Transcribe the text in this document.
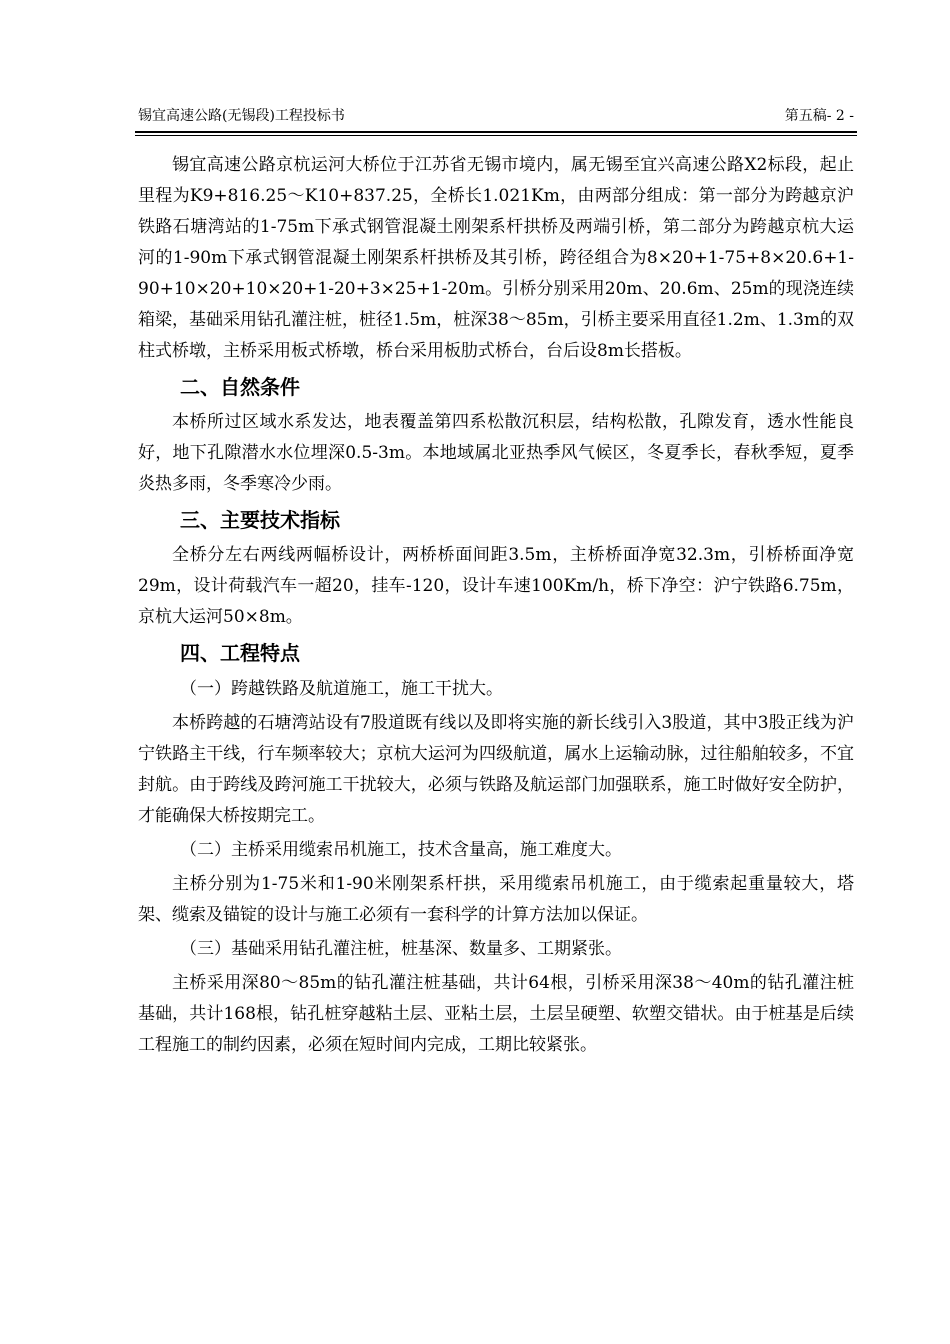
锡宜高速公路(无锡段)工程投标书	第五稿- 2 -

锡宜高速公路京杭运河大桥位于江苏省无锡市境内，属无锡至宜兴高速公路X2标段，起止里程为K9+816.25～K10+837.25，全桥长1.021Km，由两部分组成：第一部分为跨越京沪铁路石塘湾站的1-75m下承式钢管混凝土刚架系杆拱桥及两端引桥，第二部分为跨越京杭大运河的1-90m下承式钢管混凝土刚架系杆拱桥及其引桥，跨径组合为8×20+1-75+8×20.6+1-90+10×20+10×20+1-20+3×25+1-20m。引桥分别采用20m、20.6m、25m的现浇连续箱梁，基础采用钻孔灌注桩，桩径1.5m，桩深38～85m，引桥主要采用直径1.2m、1.3m的双柱式桥墩，主桥采用板式桥墩，桥台采用板肋式桥台，台后设8m长搭板。

二、自然条件

本桥所过区域水系发达，地表覆盖第四系松散沉积层，结构松散，孔隙发育，透水性能良好，地下孔隙潜水水位埋深0.5-3m。本地域属北亚热季风气候区，冬夏季长，春秋季短，夏季炎热多雨，冬季寒冷少雨。

三、主要技术指标

全桥分左右两线两幅桥设计，两桥桥面间距3.5m，主桥桥面净宽32.3m，引桥桥面净宽29m，设计荷载汽车一超20，挂车-120，设计车速100Km/h，桥下净空：沪宁铁路6.75m，京杭大运河50×8m。

四、工程特点
（一）跨越铁路及航道施工，施工干扰大。

本桥跨越的石塘湾站设有7股道既有线以及即将实施的新长线引入3股道，其中3股正线为沪宁铁路主干线，行车频率较大；京杭大运河为四级航道，属水上运输动脉，过往船舶较多，不宜封航。由于跨线及跨河施工干扰较大，必须与铁路及航运部门加强联系，施工时做好安全防护，才能确保大桥按期完工。

（二）主桥采用缆索吊机施工，技术含量高，施工难度大。

主桥分别为1-75米和1-90米刚架系杆拱，采用缆索吊机施工，由于缆索起重量较大，塔架、缆索及锚锭的设计与施工必须有一套科学的计算方法加以保证。

（三）基础采用钻孔灌注桩，桩基深、数量多、工期紧张。

主桥采用深80～85m的钻孔灌注桩基础，共计64根，引桥采用深38～40m的钻孔灌注桩基础，共计168根，钻孔桩穿越粘土层、亚粘土层，土层呈硬塑、软塑交错状。由于桩基是后续工程施工的制约因素，必须在短时间内完成，工期比较紧张。
